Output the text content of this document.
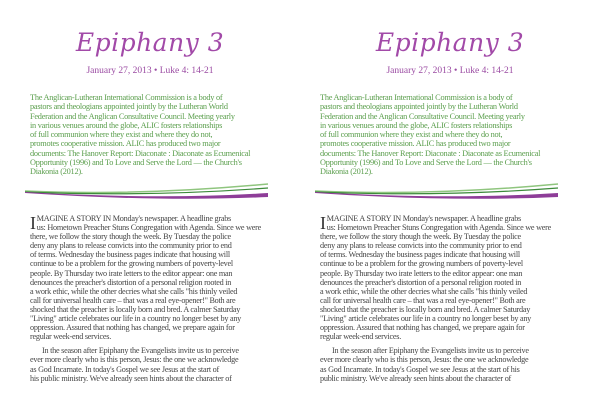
Epiphany 3
January 27, 2013 • Luke 4: 14-21
The Anglican-Lutheran International Commission is a body of
pastors and theologians appointed jointly by the Lutheran World
Federation and the Anglican Consultative Council. Meeting yearly
in various venues around the globe, ALIC fosters relationships
of full communion where they exist and where they do not,
promotes cooperative mission. ALIC has produced two major
documents: The Hanover Report: Diaconate : Diaconate as Ecumenical
Opportunity (1996) and To Love and Serve the Lord — the Church's
Diakonia (2012).
I MAGINE A STORY IN Monday's newspaper. A headline grabs
us: Hometown Preacher Stuns Congregation with Agenda. Since we were
there, we follow the story though the week. By Tuesday the police
deny any plans to release convicts into the community prior to end
of terms. Wednesday the business pages indicate that housing will
continue to be a problem for the growing numbers of poverty-level
people. By Thursday two irate letters to the editor appear: one man
denounces the preacher's distortion of a personal religion rooted in
a work ethic, while the other decries what she calls "his thinly veiled
call for universal health care – that was a real eye-opener!" Both are
shocked that the preacher is locally born and bred. A calmer Saturday
"Living" article celebrates our life in a country no longer beset by any
oppression. Assured that nothing has changed, we prepare again for
regular week-end services.
In the season after Epiphany the Evangelists invite us to perceive
ever more clearly who is this person, Jesus: the one we acknowledge
as God Incarnate. In today's Gospel we see Jesus at the start of
his public ministry. We've already seen hints about the character of
Epiphany 3
January 27, 2013 • Luke 4: 14-21
The Anglican-Lutheran International Commission is a body of
pastors and theologians appointed jointly by the Lutheran World
Federation and the Anglican Consultative Council. Meeting yearly
in various venues around the globe, ALIC fosters relationships
of full communion where they exist and where they do not,
promotes cooperative mission. ALIC has produced two major
documents: The Hanover Report: Diaconate : Diaconate as Ecumenical
Opportunity (1996) and To Love and Serve the Lord — the Church's
Diakonia (2012).
I MAGINE A STORY IN Monday's newspaper. A headline grabs
us: Hometown Preacher Stuns Congregation with Agenda. Since we were
there, we follow the story though the week. By Tuesday the police
deny any plans to release convicts into the community prior to end
of terms. Wednesday the business pages indicate that housing will
continue to be a problem for the growing numbers of poverty-level
people. By Thursday two irate letters to the editor appear: one man
denounces the preacher's distortion of a personal religion rooted in
a work ethic, while the other decries what she calls "his thinly veiled
call for universal health care – that was a real eye-opener!" Both are
shocked that the preacher is locally born and bred. A calmer Saturday
"Living" article celebrates our life in a country no longer beset by any
oppression. Assured that nothing has changed, we prepare again for
regular week-end services.
In the season after Epiphany the Evangelists invite us to perceive
ever more clearly who is this person, Jesus: the one we acknowledge
as God Incarnate. In today's Gospel we see Jesus at the start of his
public ministry. We've already seen hints about the character of
